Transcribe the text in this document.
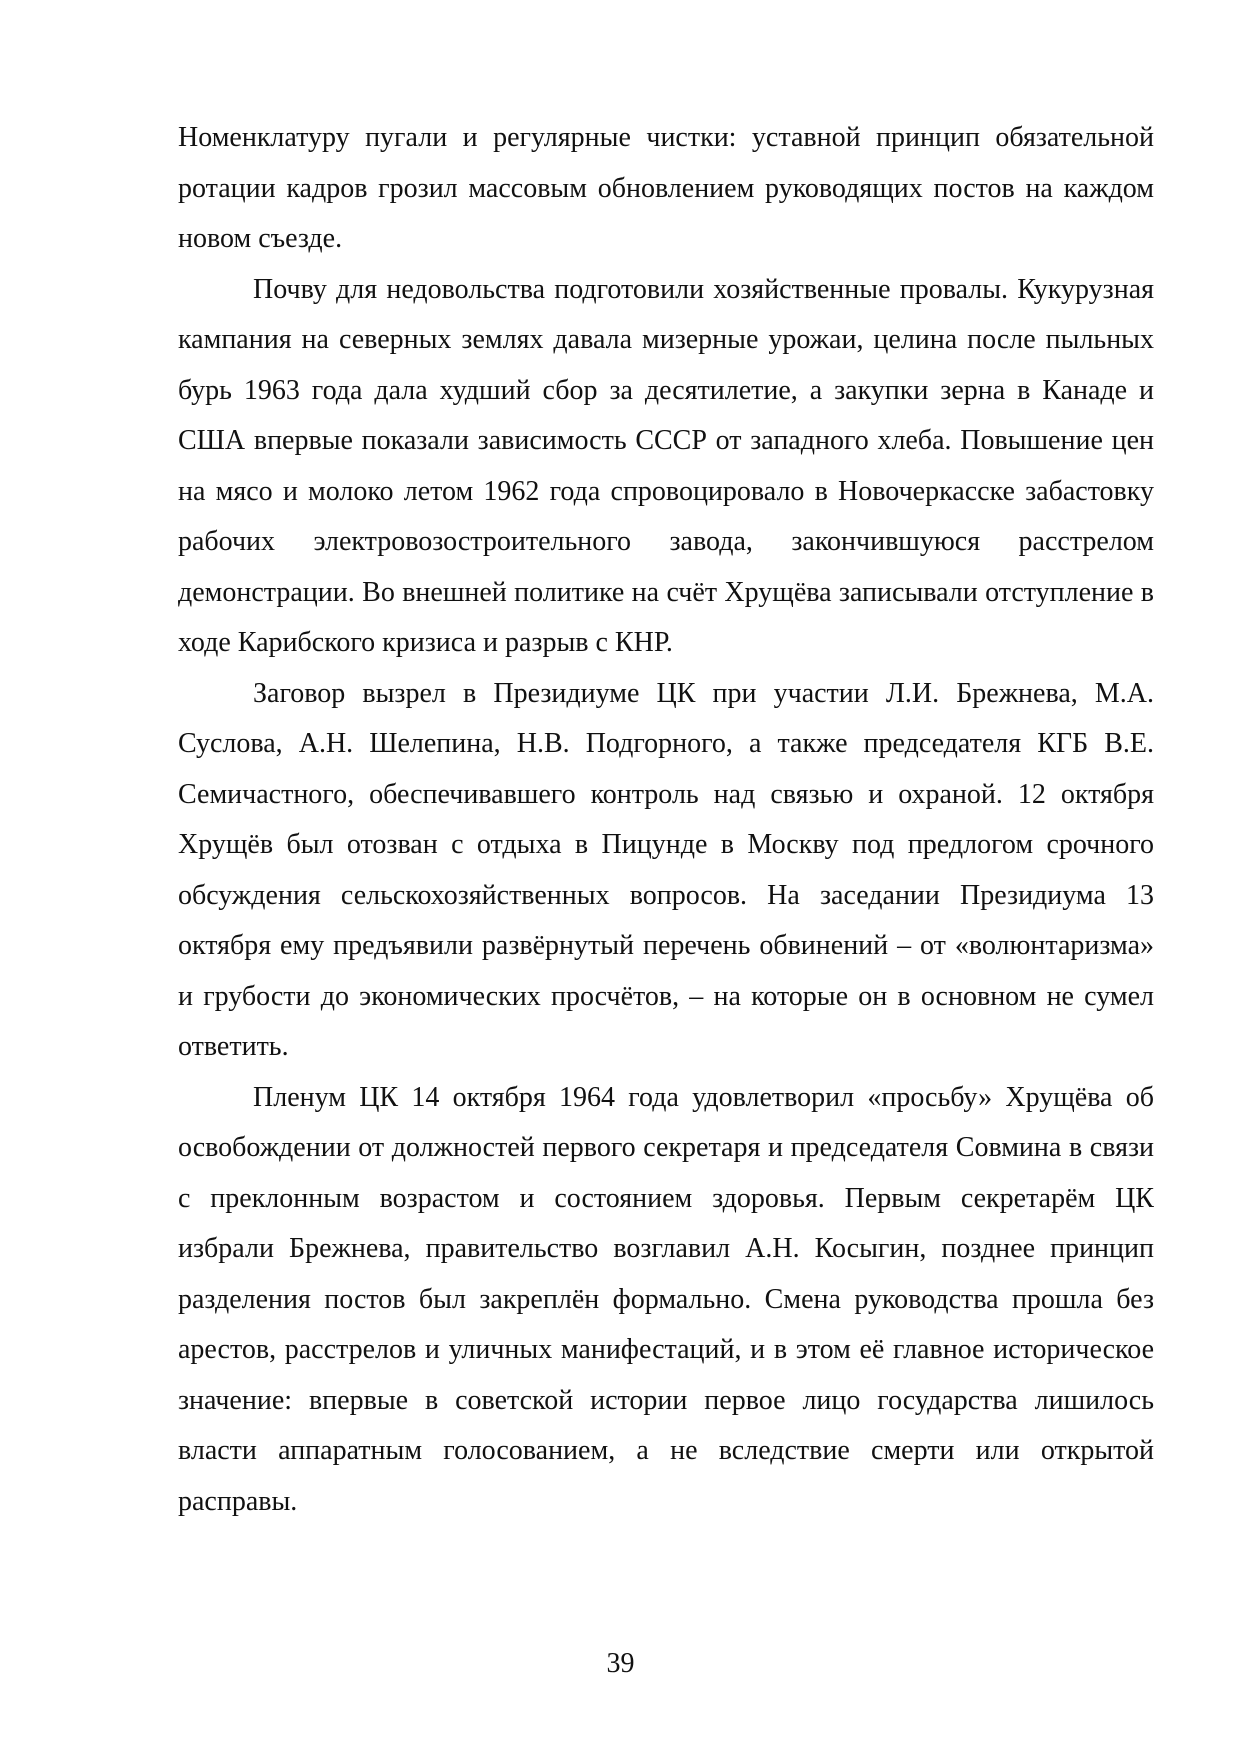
Номенклатуру пугали и регулярные чистки: уставной принцип обязательной ротации кадров грозил массовым обновлением руководящих постов на каждом новом съезде.

Почву для недовольства подготовили хозяйственные провалы. Кукурузная кампания на северных землях давала мизерные урожаи, целина после пыльных бурь 1963 года дала худший сбор за десятилетие, а закупки зерна в Канаде и США впервые показали зависимость СССР от западного хлеба. Повышение цен на мясо и молоко летом 1962 года спровоцировало в Новочеркасске забастовку рабочих электровозостроительного завода, закончившуюся расстрелом демонстрации. Во внешней политике на счёт Хрущёва записывали отступление в ходе Карибского кризиса и разрыв с КНР.

Заговор вызрел в Президиуме ЦК при участии Л.И. Брежнева, М.А. Суслова, А.Н. Шелепина, Н.В. Подгорного, а также председателя КГБ В.Е. Семичастного, обеспечивавшего контроль над связью и охраной. 12 октября Хрущёв был отозван с отдыха в Пицунде в Москву под предлогом срочного обсуждения сельскохозяйственных вопросов. На заседании Президиума 13 октября ему предъявили развёрнутый перечень обвинений – от «волюнтаризма» и грубости до экономических просчётов, – на которые он в основном не сумел ответить.

Пленум ЦК 14 октября 1964 года удовлетворил «просьбу» Хрущёва об освобождении от должностей первого секретаря и председателя Совмина в связи с преклонным возрастом и состоянием здоровья. Первым секретарём ЦК избрали Брежнева, правительство возглавил А.Н. Косыгин, позднее принцип разделения постов был закреплён формально. Смена руководства прошла без арестов, расстрелов и уличных манифестаций, и в этом её главное историческое значение: впервые в советской истории первое лицо государства лишилось власти аппаратным голосованием, а не вследствие смерти или открытой расправы.

39
